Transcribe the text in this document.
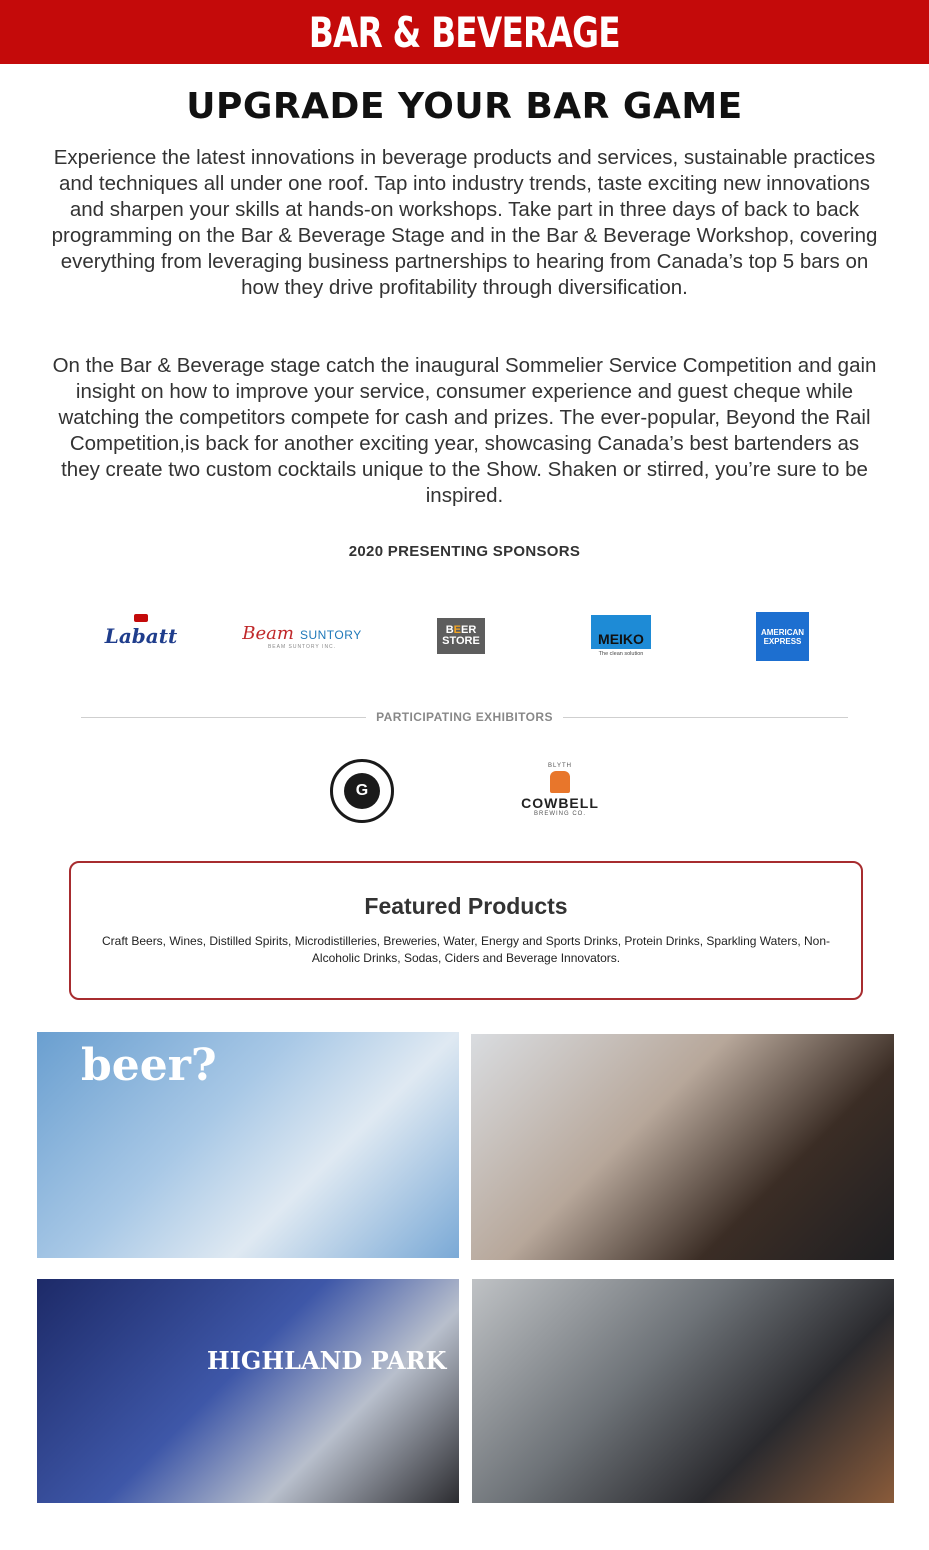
BAR & BEVERAGE
UPGRADE YOUR BAR GAME
Experience the latest innovations in beverage products and services, sustainable practices and techniques all under one roof. Tap into industry trends, taste exciting new innovations and sharpen your skills at hands-on workshops. Take part in three days of back to back programming on the Bar & Beverage Stage and in the Bar & Beverage Workshop, covering everything from leveraging business partnerships to hearing from Canada’s top 5 bars on how they drive profitability through diversification.
On the Bar & Beverage stage catch the inaugural Sommelier Service Competition and gain insight on how to improve your service, consumer experience and guest cheque while watching the competitors compete for cash and prizes. The ever-popular, Beyond the Rail Competition,is back for another exciting year, showcasing Canada’s best bartenders as they create two custom cocktails unique to the Show. Shaken or stirred, you’re sure to be inspired.
2020 PRESENTING SPONSORS
Labatt	Beam SUNTORY
BEAM SUNTORY INC.
BEER
STORE	MEIKO
The clean solution
AMERICAN
EXPRESS
PARTICIPATING EXHIBITORS
G
BLYTH
COWBELL
BREWING CO.
Featured Products
Craft Beers, Wines, Distilled Spirits, Microdistilleries, Breweries, Water, Energy and Sports Drinks, Protein Drinks, Sparkling Waters, Non-Alcoholic Drinks, Sodas, Ciders and Beverage Innovators.
beer?
HIGHLAND PARK
